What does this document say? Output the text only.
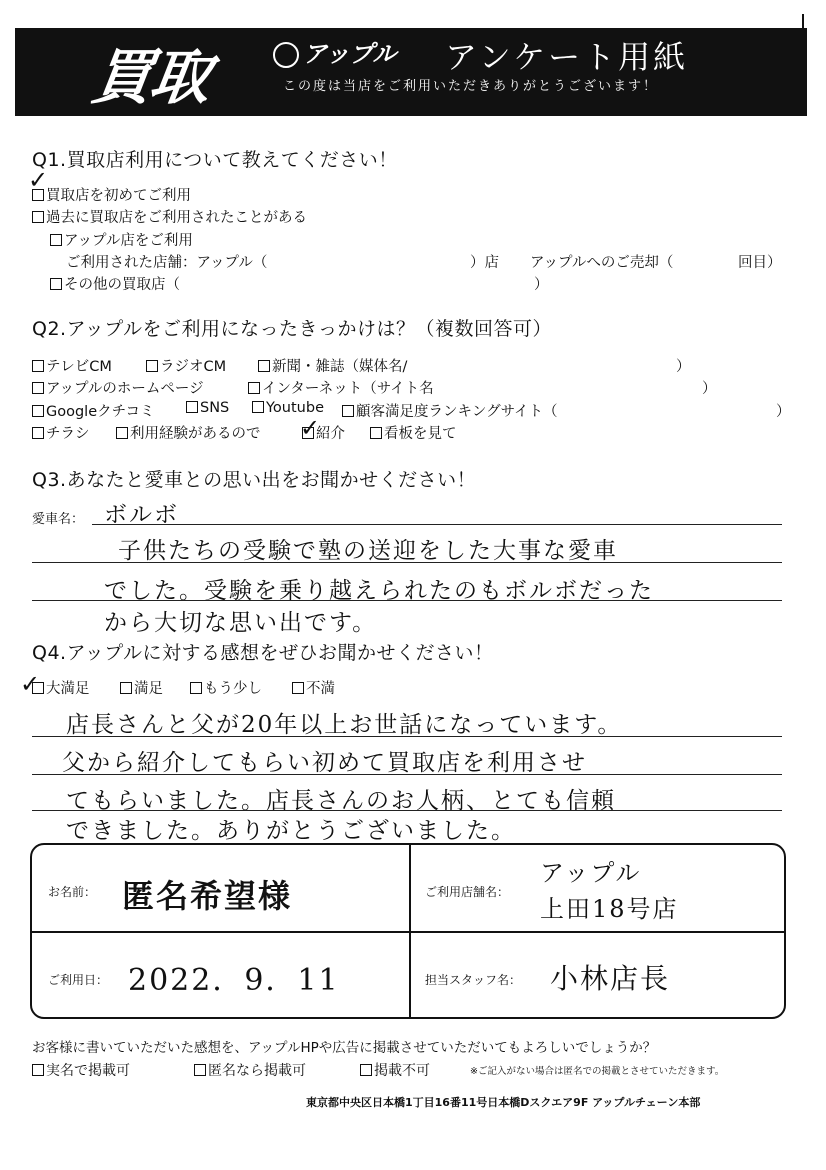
買取	アップル アンケート用紙
この度は当店をご利用いただきありがとうございます！
Q1.買取店利用について教えてください！
買取店を初めてご利用
✓
過去に買取店をご利用されたことがある
アップル店をご利用
ご利用された店舗：アップル（	）店 アップルへのご売却（	回目）
その他の買取店（	）
Q2.アップルをご利用になったきっかけは？（複数回答可）
テレビCM	ラジオCM	新聞・雑誌（媒体名/	）
アップルのホームページ	インターネット（サイト名	）
Googleクチコミ	SNS	Youtube	顧客満足度ランキングサイト（	）
チラシ	利用経験があるので	紹介
✓	看板を見て
Q3.あなたと愛車との思い出をお聞かせください！
愛車名： ボルボ
子供たちの受験で塾の送迎をした大事な愛車
でした。受験を乗り越えられたのもボルボだった
から大切な思い出です。
Q4.アップルに対する感想をぜひお聞かせください！
✓ 大満足	満足	もう少し	不満
店長さんと父が20年以上お世話になっています。
父から紹介してもらい初めて買取店を利用させ
てもらいました。店長さんのお人柄、とても信頼
できました。ありがとうございました。
お名前： 匿名希望様	ご利用店舗名：
アップル
上田18号店
ご利用日： 2022．9．11	担当スタッフ名： 小林店長
お客様に書いていただいた感想を、アップルHPや広告に掲載させていただいてもよろしいでしょうか？
実名で掲載可	匿名なら掲載可	掲載不可	※ご記入がない場合は匿名での掲載とさせていただきます。
東京都中央区日本橋1丁目16番11号日本橋Dスクエア9F アップルチェーン本部
